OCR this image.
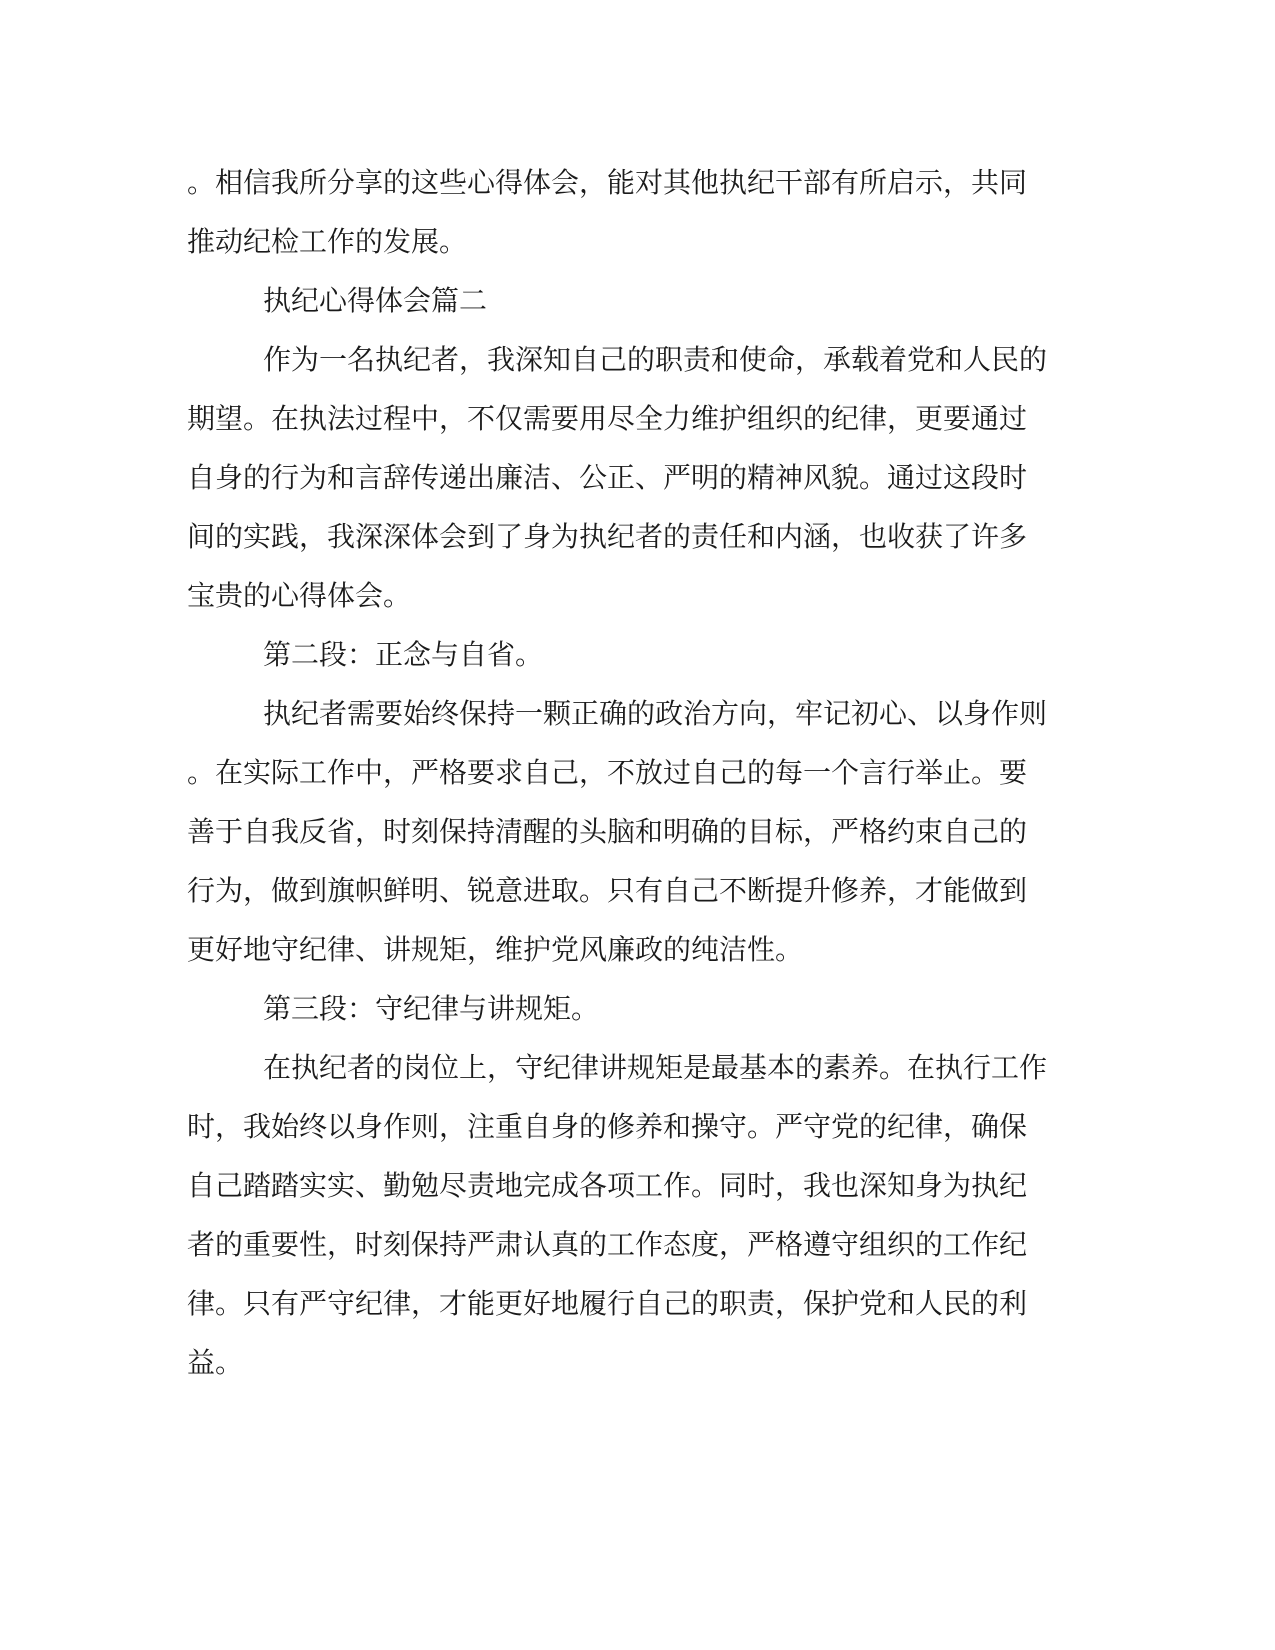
。相信我所分享的这些心得体会，能对其他执纪干部有所启示，共同
推动纪检工作的发展。
执纪心得体会篇二
作为一名执纪者，我深知自己的职责和使命，承载着党和人民的
期望。在执法过程中，不仅需要用尽全力维护组织的纪律，更要通过
自身的行为和言辞传递出廉洁、公正、严明的精神风貌。通过这段时
间的实践，我深深体会到了身为执纪者的责任和内涵，也收获了许多
宝贵的心得体会。
第二段：正念与自省。
执纪者需要始终保持一颗正确的政治方向，牢记初心、以身作则
。在实际工作中，严格要求自己，不放过自己的每一个言行举止。要
善于自我反省，时刻保持清醒的头脑和明确的目标，严格约束自己的
行为，做到旗帜鲜明、锐意进取。只有自己不断提升修养，才能做到
更好地守纪律、讲规矩，维护党风廉政的纯洁性。
第三段：守纪律与讲规矩。
在执纪者的岗位上，守纪律讲规矩是最基本的素养。在执行工作
时，我始终以身作则，注重自身的修养和操守。严守党的纪律，确保
自己踏踏实实、勤勉尽责地完成各项工作。同时，我也深知身为执纪
者的重要性，时刻保持严肃认真的工作态度，严格遵守组织的工作纪
律。只有严守纪律，才能更好地履行自己的职责，保护党和人民的利
益。
